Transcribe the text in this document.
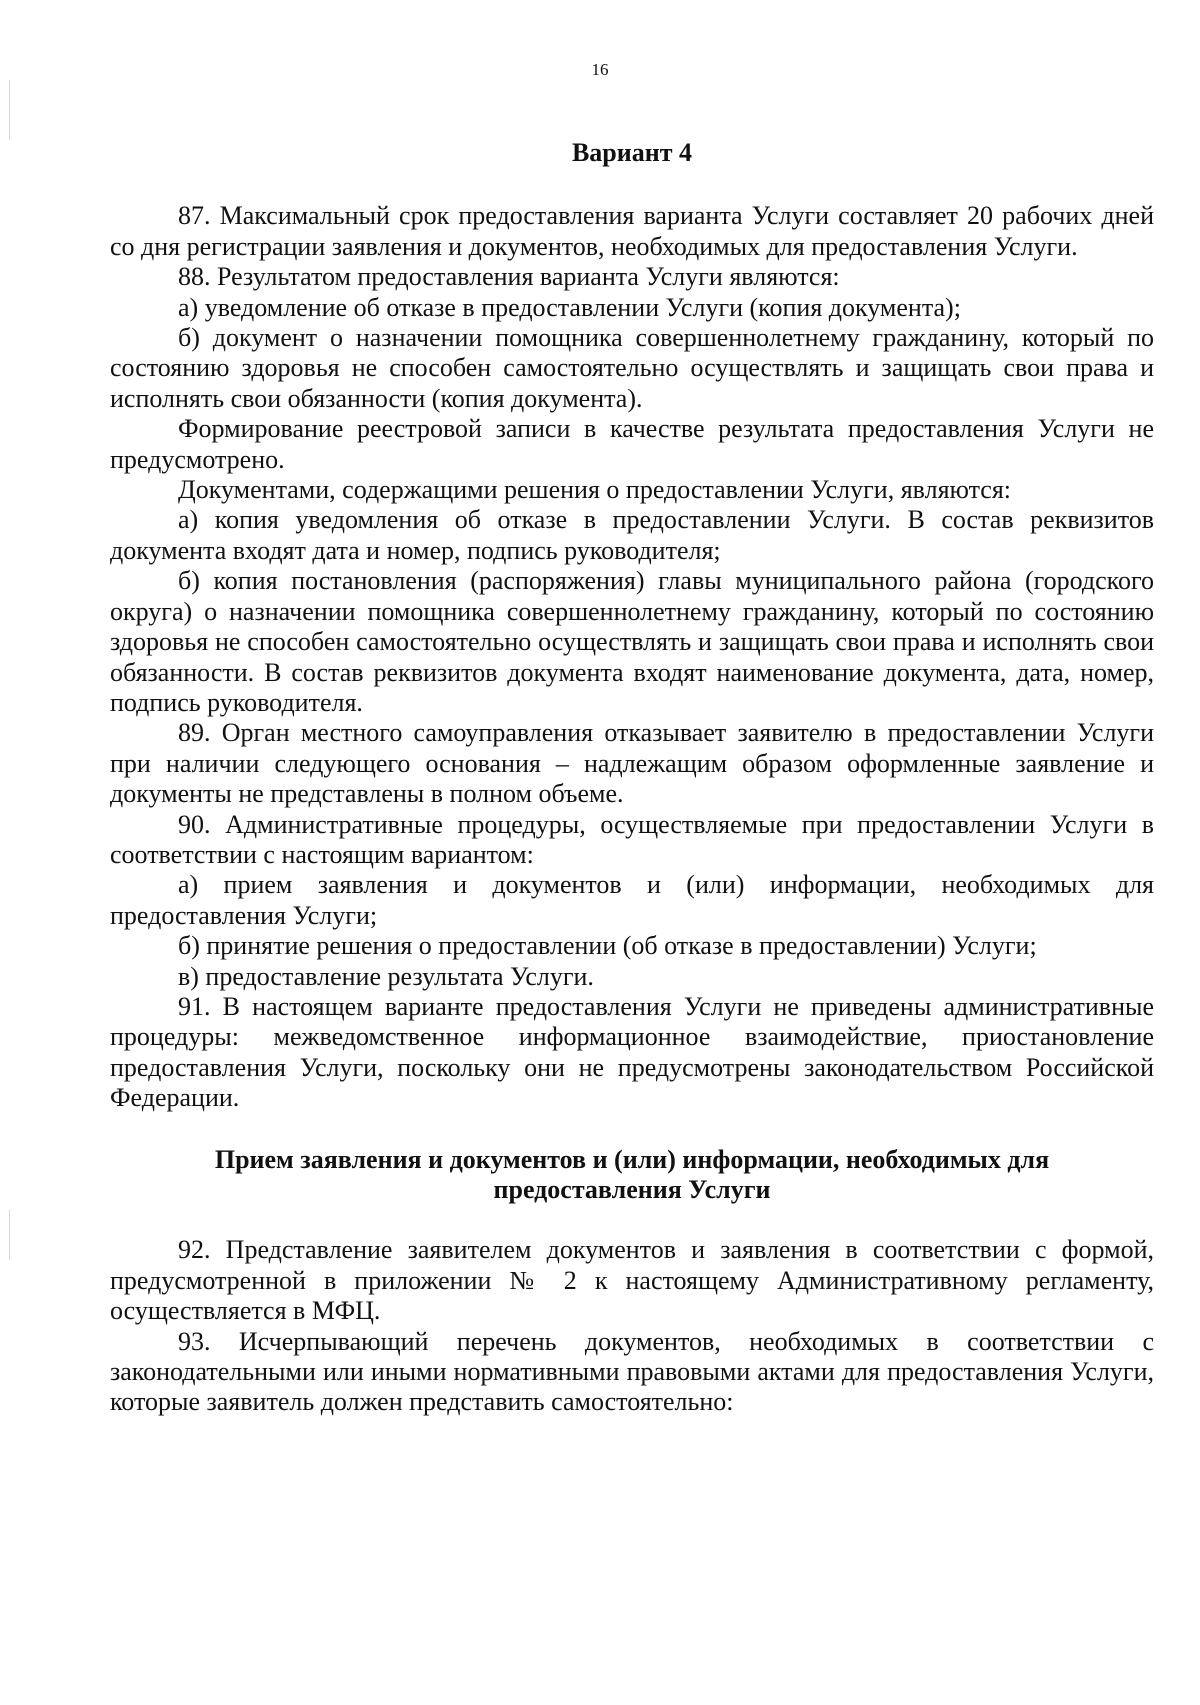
16
Вариант 4

87. Максимальный срок предоставления варианта Услуги составляет 20 рабочих дней со дня регистрации заявления и документов, необходимых для предоставления Услуги.

88. Результатом предоставления варианта Услуги являются:

а) уведомление об отказе в предоставлении Услуги (копия документа);

б) документ о назначении помощника совершеннолетнему гражданину, который по состоянию здоровья не способен самостоятельно осуществлять и защищать свои права и исполнять свои обязанности (копия документа).

Формирование реестровой записи в качестве результата предоставления Услуги не предусмотрено.

Документами, содержащими решения о предоставлении Услуги, являются:

а) копия уведомления об отказе в предоставлении Услуги. В состав реквизитов документа входят дата и номер, подпись руководителя;

б) копия постановления (распоряжения) главы муниципального района (городского округа) о назначении помощника совершеннолетнему гражданину, который по состоянию здоровья не способен самостоятельно осуществлять и защищать свои права и исполнять свои обязанности. В состав реквизитов документа входят наименование документа, дата, номер, подпись руководителя.

89. Орган местного самоуправления отказывает заявителю в предоставлении Услуги при наличии следующего основания – надлежащим образом оформленные заявление и документы не представлены в полном объеме.

90. Административные процедуры, осуществляемые при предоставлении Услуги в соответствии с настоящим вариантом:

а) прием заявления и документов и (или) информации, необходимых для предоставления Услуги;

б) принятие решения о предоставлении (об отказе в предоставлении) Услуги;

в) предоставление результата Услуги.

91. В настоящем варианте предоставления Услуги не приведены административные процедуры: межведомственное информационное взаимодействие, приостановление предоставления Услуги, поскольку они не предусмотрены законодательством Российской Федерации.

Прием заявления и документов и (или) информации, необходимых для
предоставления Услуги

92. Представление заявителем документов и заявления в соответствии с формой, предусмотренной в приложении № 2 к настоящему Административному регламенту, осуществляется в МФЦ.

93. Исчерпывающий перечень документов, необходимых в соответствии с законодательными или иными нормативными правовыми актами для предоставления Услуги, которые заявитель должен представить самостоятельно:
